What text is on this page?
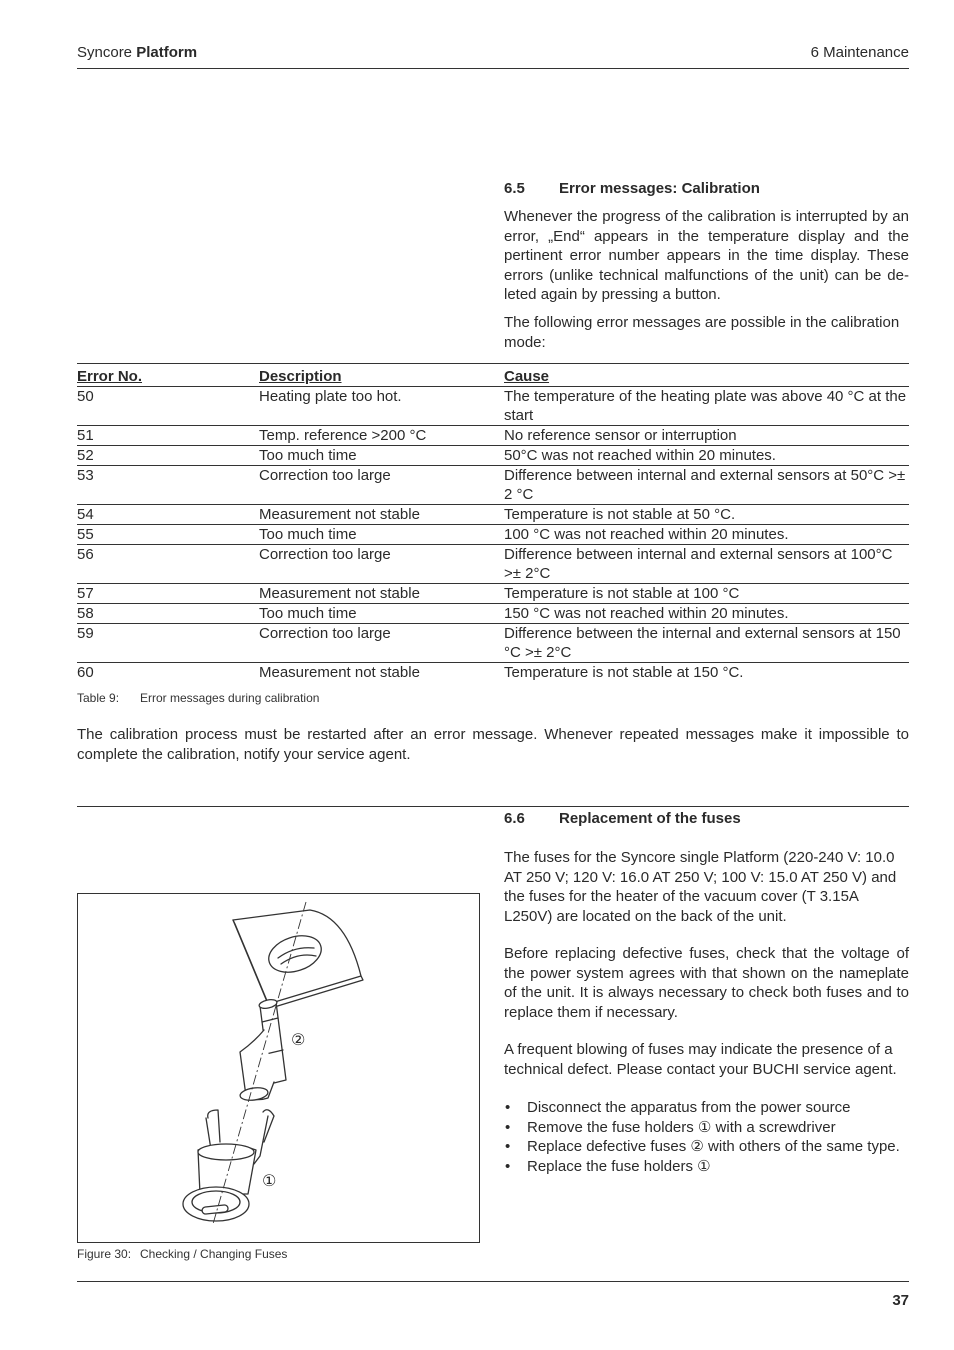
Syncore Platform	6 Maintenance
6.5 Error messages: Calibration
Whenever the progress of the calibration is interrupted by an error, „End“ appears in the temperature display and the pertinent error number appears in the time display. These errors (unlike technical malfunctions of the unit) can be de-leted again by pressing a button.
The following error messages are possible in the calibration mode:
Error No.	Description	Cause
50	Heating plate too hot.	The temperature of the heating plate was above 40 °C at the start
51	Temp. reference >200 °C	No reference sensor or interruption
52	Too much time	50°C was not reached within 20 minutes.
53	Correction too large	Difference between internal and external sensors at 50°C >± 2 °C
54	Measurement not stable	Temperature is not stable at 50 °C.
55	Too much time	100 °C was not reached within 20 minutes.
56	Correction too large	Difference between internal and external sensors at 100°C >± 2°C
57	Measurement not stable	Temperature is not stable at 100 °C
58	Too much time	150 °C was not reached within 20 minutes.
59	Correction too large	Difference between the internal and external sensors at 150 °C >± 2°C
60	Measurement not stable	Temperature is not stable at 150 °C.
Table 9: Error messages during calibration
The calibration process must be restarted after an error message. Whenever repeated messages make it impossible to complete the calibration, notify your service agent.
6.6 Replacement of the fuses
The fuses for the Syncore single Platform (220-240 V: 10.0 AT 250 V; 120 V: 16.0 AT 250 V; 100 V: 15.0 AT 250 V) and the fuses for the heater of the vacuum cover (T 3.15A L250V) are located on the back of the unit.
Before replacing defective fuses, check that the voltage of the power system agrees with that shown on the nameplate of the unit. It is always necessary to check both fuses and to replace them if necessary.
A frequent blowing of fuses may indicate the presence of a technical defect. Please contact your BUCHI service agent.
• Disconnect the apparatus from the power source
• Remove the fuse holders ① with a screwdriver
• Replace defective fuses ② with others of the same type.
• Replace the fuse holders ①
②
①
Figure 30: Checking / Changing Fuses
37
